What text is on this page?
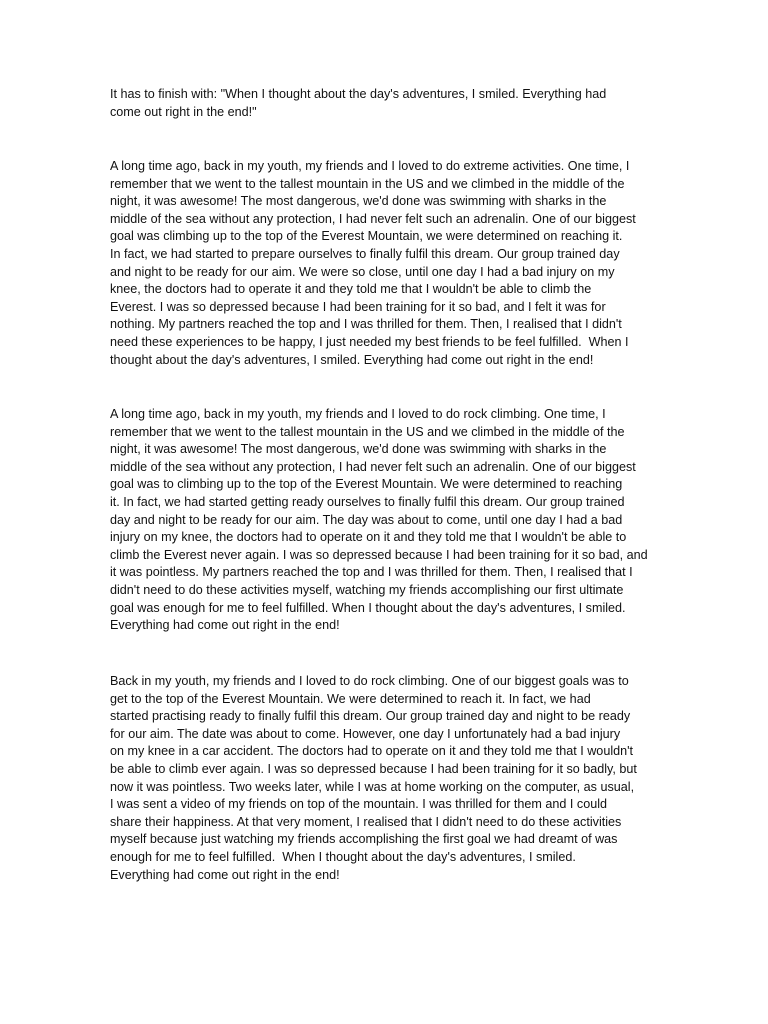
It has to finish with: "When I thought about the day's adventures, I smiled. Everything had
come out right in the end!"

A long time ago, back in my youth, my friends and I loved to do extreme activities. One time, I
remember that we went to the tallest mountain in the US and we climbed in the middle of the
night, it was awesome! The most dangerous, we'd done was swimming with sharks in the
middle of the sea without any protection, I had never felt such an adrenalin. One of our biggest
goal was climbing up to the top of the Everest Mountain, we were determined on reaching it.
In fact, we had started to prepare ourselves to finally fulfil this dream. Our group trained day
and night to be ready for our aim. We were so close, until one day I had a bad injury on my
knee, the doctors had to operate it and they told me that I wouldn't be able to climb the
Everest. I was so depressed because I had been training for it so bad, and I felt it was for
nothing. My partners reached the top and I was thrilled for them. Then, I realised that I didn't
need these experiences to be happy, I just needed my best friends to be feel fulfilled.  When I
thought about the day's adventures, I smiled. Everything had come out right in the end!

A long time ago, back in my youth, my friends and I loved to do rock climbing. One time, I
remember that we went to the tallest mountain in the US and we climbed in the middle of the
night, it was awesome! The most dangerous, we'd done was swimming with sharks in the
middle of the sea without any protection, I had never felt such an adrenalin. One of our biggest
goal was to climbing up to the top of the Everest Mountain. We were determined to reaching
it. In fact, we had started getting ready ourselves to finally fulfil this dream. Our group trained
day and night to be ready for our aim. The day was about to come, until one day I had a bad
injury on my knee, the doctors had to operate on it and they told me that I wouldn't be able to
climb the Everest never again. I was so depressed because I had been training for it so bad, and
it was pointless. My partners reached the top and I was thrilled for them. Then, I realised that I
didn't need to do these activities myself, watching my friends accomplishing our first ultimate
goal was enough for me to feel fulfilled. When I thought about the day's adventures, I smiled.
Everything had come out right in the end!

Back in my youth, my friends and I loved to do rock climbing. One of our biggest goals was to
get to the top of the Everest Mountain. We were determined to reach it. In fact, we had
started practising ready to finally fulfil this dream. Our group trained day and night to be ready
for our aim. The date was about to come. However, one day I unfortunately had a bad injury
on my knee in a car accident. The doctors had to operate on it and they told me that I wouldn't
be able to climb ever again. I was so depressed because I had been training for it so badly, but
now it was pointless. Two weeks later, while I was at home working on the computer, as usual,
I was sent a video of my friends on top of the mountain. I was thrilled for them and I could
share their happiness. At that very moment, I realised that I didn't need to do these activities
myself because just watching my friends accomplishing the first goal we had dreamt of was
enough for me to feel fulfilled.  When I thought about the day's adventures, I smiled.
Everything had come out right in the end!
